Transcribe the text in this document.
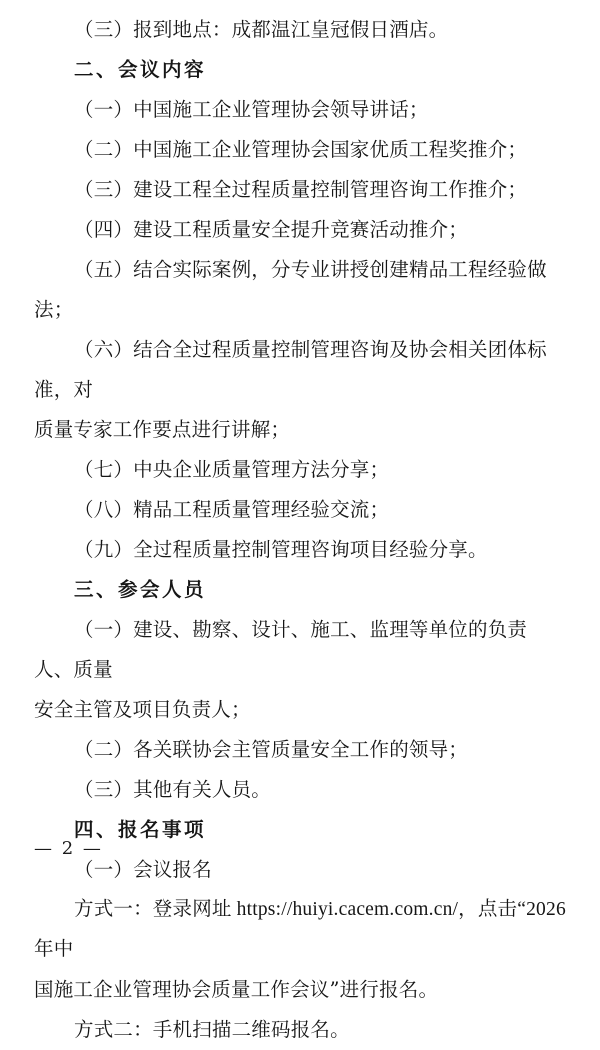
（三）报到地点：成都温江皇冠假日酒店。
二、会议内容
（一）中国施工企业管理协会领导讲话；
（二）中国施工企业管理协会国家优质工程奖推介；
（三）建设工程全过程质量控制管理咨询工作推介；
（四）建设工程质量安全提升竞赛活动推介；
（五）结合实际案例，分专业讲授创建精品工程经验做法；
（六）结合全过程质量控制管理咨询及协会相关团体标准，对
质量专家工作要点进行讲解；
（七）中央企业质量管理方法分享；
（八）精品工程质量管理经验交流；
（九）全过程质量控制管理咨询项目经验分享。
三、参会人员
（一）建设、勘察、设计、施工、监理等单位的负责人、质量
安全主管及项目负责人；
（二）各关联协会主管质量安全工作的领导；
（三）其他有关人员。
四、报名事项
（一）会议报名
方式一：登录网址 https://huiyi.cacem.com.cn/，点击“2026 年中
国施工企业管理协会质量工作会议”进行报名。
方式二：手机扫描二维码报名。
— 2 —
